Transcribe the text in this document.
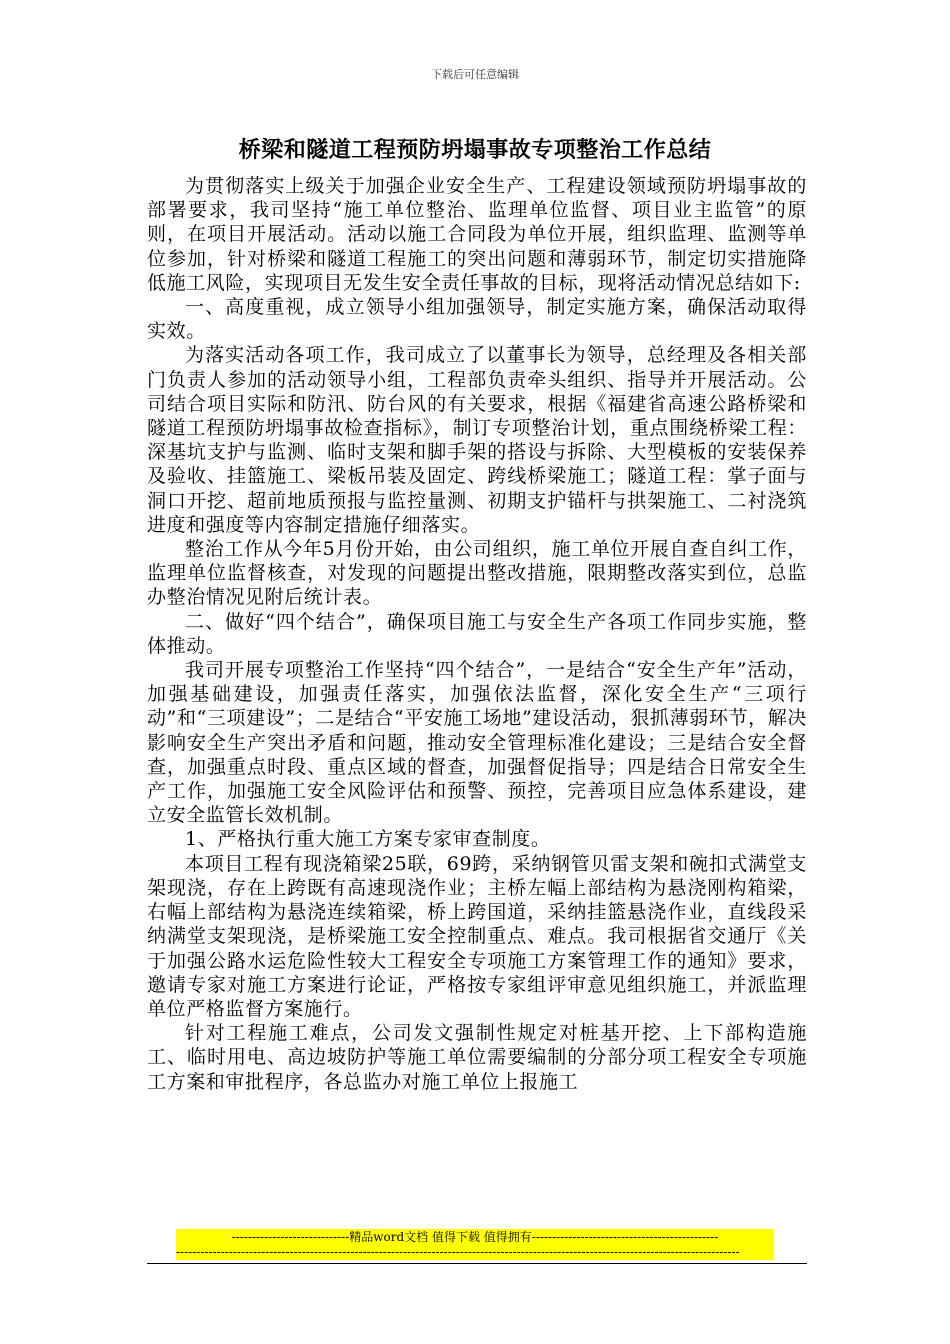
下载后可任意编辑
桥梁和隧道工程预防坍塌事故专项整治工作总结

为贯彻落实上级关于加强企业安全生产、工程建设领域预防坍塌事故的部署要求，我司坚持“施工单位整治、监理单位监督、项目业主监管”的原则，在项目开展活动。活动以施工合同段为单位开展，组织监理、监测等单位参加，针对桥梁和隧道工程施工的突出问题和薄弱环节，制定切实措施降低施工风险，实现项目无发生安全责任事故的目标，现将活动情况总结如下:

一、高度重视，成立领导小组加强领导，制定实施方案，确保活动取得实效。

为落实活动各项工作，我司成立了以董事长为领导，总经理及各相关部门负责人参加的活动领导小组，工程部负责牵头组织、指导并开展活动。公司结合项目实际和防汛、防台风的有关要求，根据《福建省高速公路桥梁和隧道工程预防坍塌事故检查指标》，制订专项整治计划，重点围绕桥梁工程：深基坑支护与监测、临时支架和脚手架的搭设与拆除、大型模板的安装保养及验收、挂篮施工、梁板吊装及固定、跨线桥梁施工；隧道工程：掌子面与洞口开挖、超前地质预报与监控量测、初期支护锚杆与拱架施工、二衬浇筑进度和强度等内容制定措施仔细落实。

整治工作从今年5月份开始，由公司组织，施工单位开展自查自纠工作，监理单位监督核查，对发现的问题提出整改措施，限期整改落实到位，总监办整治情况见附后统计表。

二、做好“四个结合”，确保项目施工与安全生产各项工作同步实施，整体推动。

我司开展专项整治工作坚持“四个结合”，一是结合“安全生产年”活动，加强基础建设，加强责任落实，加强依法监督，深化安全生产“三项行动”和“三项建设”；二是结合“平安施工场地”建设活动，狠抓薄弱环节，解决影响安全生产突出矛盾和问题，推动安全管理标准化建设；三是结合安全督查，加强重点时段、重点区域的督查，加强督促指导；四是结合日常安全生产工作，加强施工安全风险评估和预警、预控，完善项目应急体系建设，建立安全监管长效机制。

1、严格执行重大施工方案专家审查制度。

本项目工程有现浇箱梁25联，69跨，采纳钢管贝雷支架和碗扣式满堂支架现浇，存在上跨既有高速现浇作业；主桥左幅上部结构为悬浇刚构箱梁，右幅上部结构为悬浇连续箱梁，桥上跨国道，采纳挂篮悬浇作业，直线段采纳满堂支架现浇，是桥梁施工安全控制重点、难点。我司根据省交通厅《关于加强公路水运危险性较大工程安全专项施工方案管理工作的通知》要求，邀请专家对施工方案进行论证，严格按专家组评审意见组织施工，并派监理单位严格监督方案施行。

针对工程施工难点，公司发文强制性规定对桩基开挖、上下部构造施工、临时用电、高边坡防护等施工单位需要编制的分部分项工程安全专项施工方案和审批程序，各总监办对施工单位上报施工

-----------------------------精品word文档 值得下载 值得拥有----------------------------------------------
-------------------------------------------------------------------------------------------------------------------------------------------
